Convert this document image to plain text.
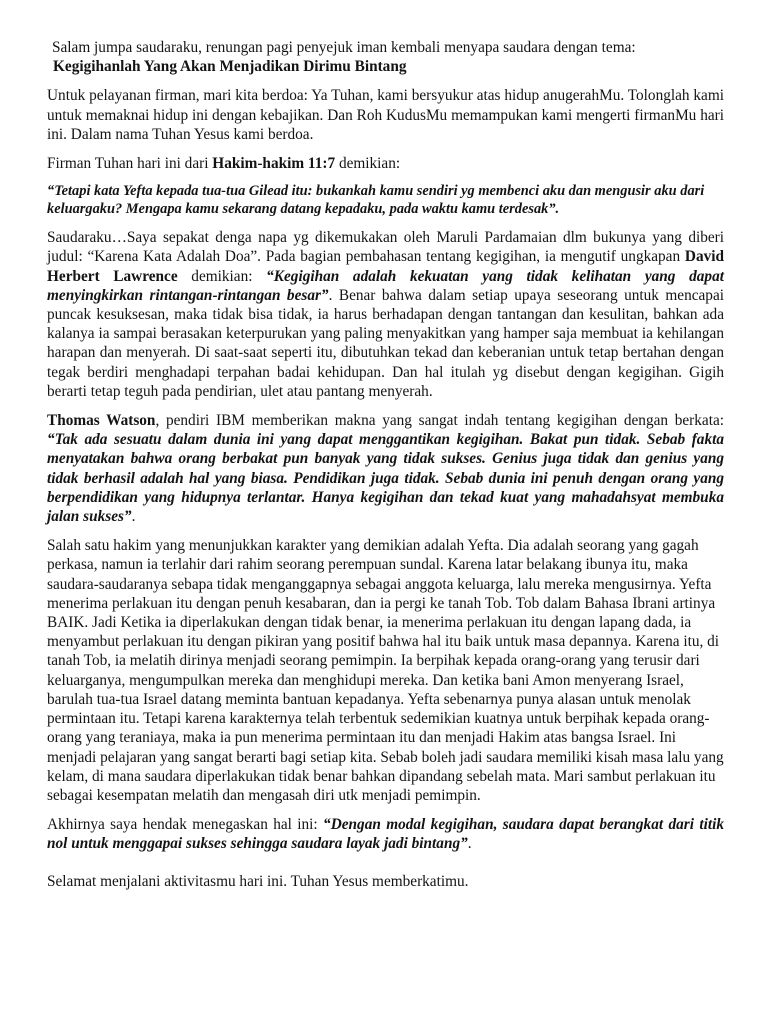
Salam jumpa saudaraku, renungan pagi penyejuk iman kembali menyapa saudara dengan tema:

Kegigihanlah Yang Akan Menjadikan Dirimu Bintang

Untuk pelayanan firman, mari kita berdoa: Ya Tuhan, kami bersyukur atas hidup anugerahMu. Tolonglah kami untuk memaknai hidup ini dengan kebajikan. Dan Roh KudusMu memampukan kami mengerti firmanMu hari ini. Dalam nama Tuhan Yesus kami berdoa.

Firman Tuhan hari ini dari Hakim-hakim 11:7 demikian:

“Tetapi kata Yefta kepada tua-tua Gilead itu: bukankah kamu sendiri yg membenci aku dan mengusir aku dari keluargaku? Mengapa kamu sekarang datang kepadaku, pada waktu kamu terdesak”.

Saudaraku…Saya sepakat denga napa yg dikemukakan oleh Maruli Pardamaian dlm bukunya yang diberi judul: “Karena Kata Adalah Doa”. Pada bagian pembahasan tentang kegigihan, ia mengutif ungkapan David Herbert Lawrence demikian: “Kegigihan adalah kekuatan yang tidak kelihatan yang dapat menyingkirkan rintangan-rintangan besar”. Benar bahwa dalam setiap upaya seseorang untuk mencapai puncak kesuksesan, maka tidak bisa tidak, ia harus berhadapan dengan tantangan dan kesulitan, bahkan ada kalanya ia sampai berasakan keterpurukan yang paling menyakitkan yang hamper saja membuat ia kehilangan harapan dan menyerah. Di saat-saat seperti itu, dibutuhkan tekad dan keberanian untuk tetap bertahan dengan tegak berdiri menghadapi terpahan badai kehidupan. Dan hal itulah yg disebut dengan kegigihan. Gigih berarti tetap teguh pada pendirian, ulet atau pantang menyerah.

Thomas Watson, pendiri IBM memberikan makna yang sangat indah tentang kegigihan dengan berkata: “Tak ada sesuatu dalam dunia ini yang dapat menggantikan kegigihan. Bakat pun tidak. Sebab fakta menyatakan bahwa orang berbakat pun banyak yang tidak sukses. Genius juga tidak dan genius yang tidak berhasil adalah hal yang biasa. Pendidikan juga tidak. Sebab dunia ini penuh dengan orang yang berpendidikan yang hidupnya terlantar. Hanya kegigihan dan tekad kuat yang mahadahsyat membuka jalan sukses”.

Salah satu hakim yang menunjukkan karakter yang demikian adalah Yefta. Dia adalah seorang yang gagah perkasa, namun ia terlahir dari rahim seorang perempuan sundal. Karena latar belakang ibunya itu, maka saudara-saudaranya sebapa tidak menganggapnya sebagai anggota keluarga, lalu mereka mengusirnya. Yefta menerima perlakuan itu dengan penuh kesabaran, dan ia pergi ke tanah Tob. Tob dalam Bahasa Ibrani artinya BAIK. Jadi Ketika ia diperlakukan dengan tidak benar, ia menerima perlakuan itu dengan lapang dada, ia menyambut perlakuan itu dengan pikiran yang positif bahwa hal itu baik untuk masa depannya. Karena itu, di tanah Tob, ia melatih dirinya menjadi seorang pemimpin. Ia berpihak kepada orang-orang yang terusir dari keluarganya, mengumpulkan mereka dan menghidupi mereka. Dan ketika bani Amon menyerang Israel, barulah tua-tua Israel datang meminta bantuan kepadanya. Yefta sebenarnya punya alasan untuk menolak permintaan itu. Tetapi karena karakternya telah terbentuk sedemikian kuatnya untuk berpihak kepada orang-orang yang teraniaya, maka ia pun menerima permintaan itu dan menjadi Hakim atas bangsa Israel. Ini menjadi pelajaran yang sangat berarti bagi setiap kita. Sebab boleh jadi saudara memiliki kisah masa lalu yang kelam, di mana saudara diperlakukan tidak benar bahkan dipandang sebelah mata. Mari sambut perlakuan itu sebagai kesempatan melatih dan mengasah diri utk menjadi pemimpin.

Akhirnya saya hendak menegaskan hal ini: “Dengan modal kegigihan, saudara dapat berangkat dari titik nol untuk menggapai sukses sehingga saudara layak jadi bintang”.

Selamat menjalani aktivitasmu hari ini. Tuhan Yesus memberkatimu.
